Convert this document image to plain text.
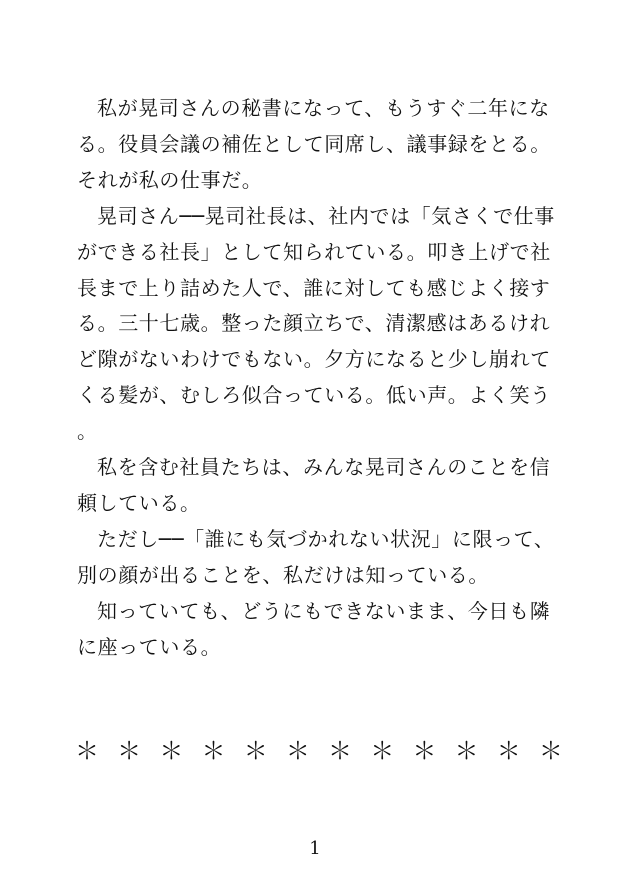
私が晃司さんの秘書になって、もうすぐ二年になる。役員会議の補佐として同席し、議事録をとる。それが私の仕事だ。

晃司さん──晃司社長は、社内では「気さくで仕事ができる社長」として知られている。叩き上げで社長まで上り詰めた人で、誰に対しても感じよく接する。三十七歳。整った顔立ちで、清潔感はあるけれど隙がないわけでもない。夕方になると少し崩れてくる髪が、むしろ似合っている。低い声。よく笑う。

私を含む社員たちは、みんな晃司さんのことを信頼している。

ただし──「誰にも気づかれない状況」に限って、別の顔が出ることを、私だけは知っている。

知っていても、どうにもできないまま、今日も隣に座っている。

＊ ＊ ＊ ＊ ＊ ＊ ＊ ＊ ＊ ＊ ＊ ＊
1
